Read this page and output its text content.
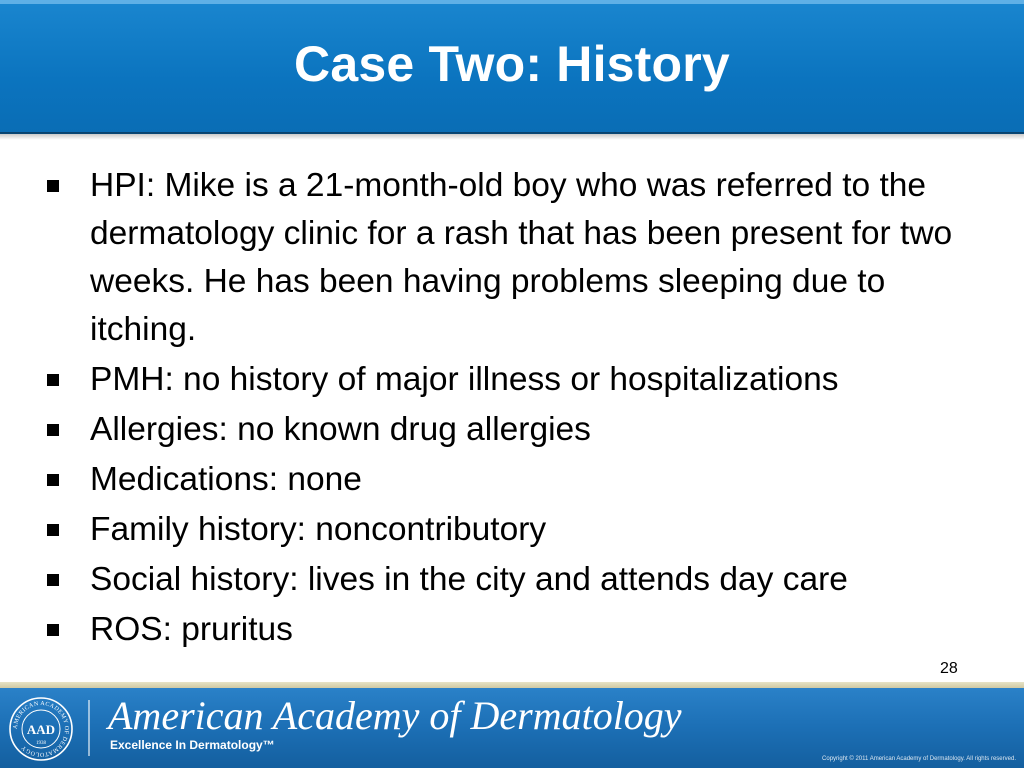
Case Two: History
HPI: Mike is a 21-month-old boy who was referred to the dermatology clinic for a rash that has been present for two weeks. He has been having problems sleeping due to itching.
PMH: no history of major illness or hospitalizations
Allergies: no known drug allergies
Medications: none
Family history: noncontributory
Social history: lives in the city and attends day care
ROS: pruritus
28
AMERICAN ACADEMY OF DERMATOLOGY
AAD
1938
American Academy of Dermatology
Excellence In Dermatology™
Copyright © 2011 American Academy of Dermatology. All rights reserved.
